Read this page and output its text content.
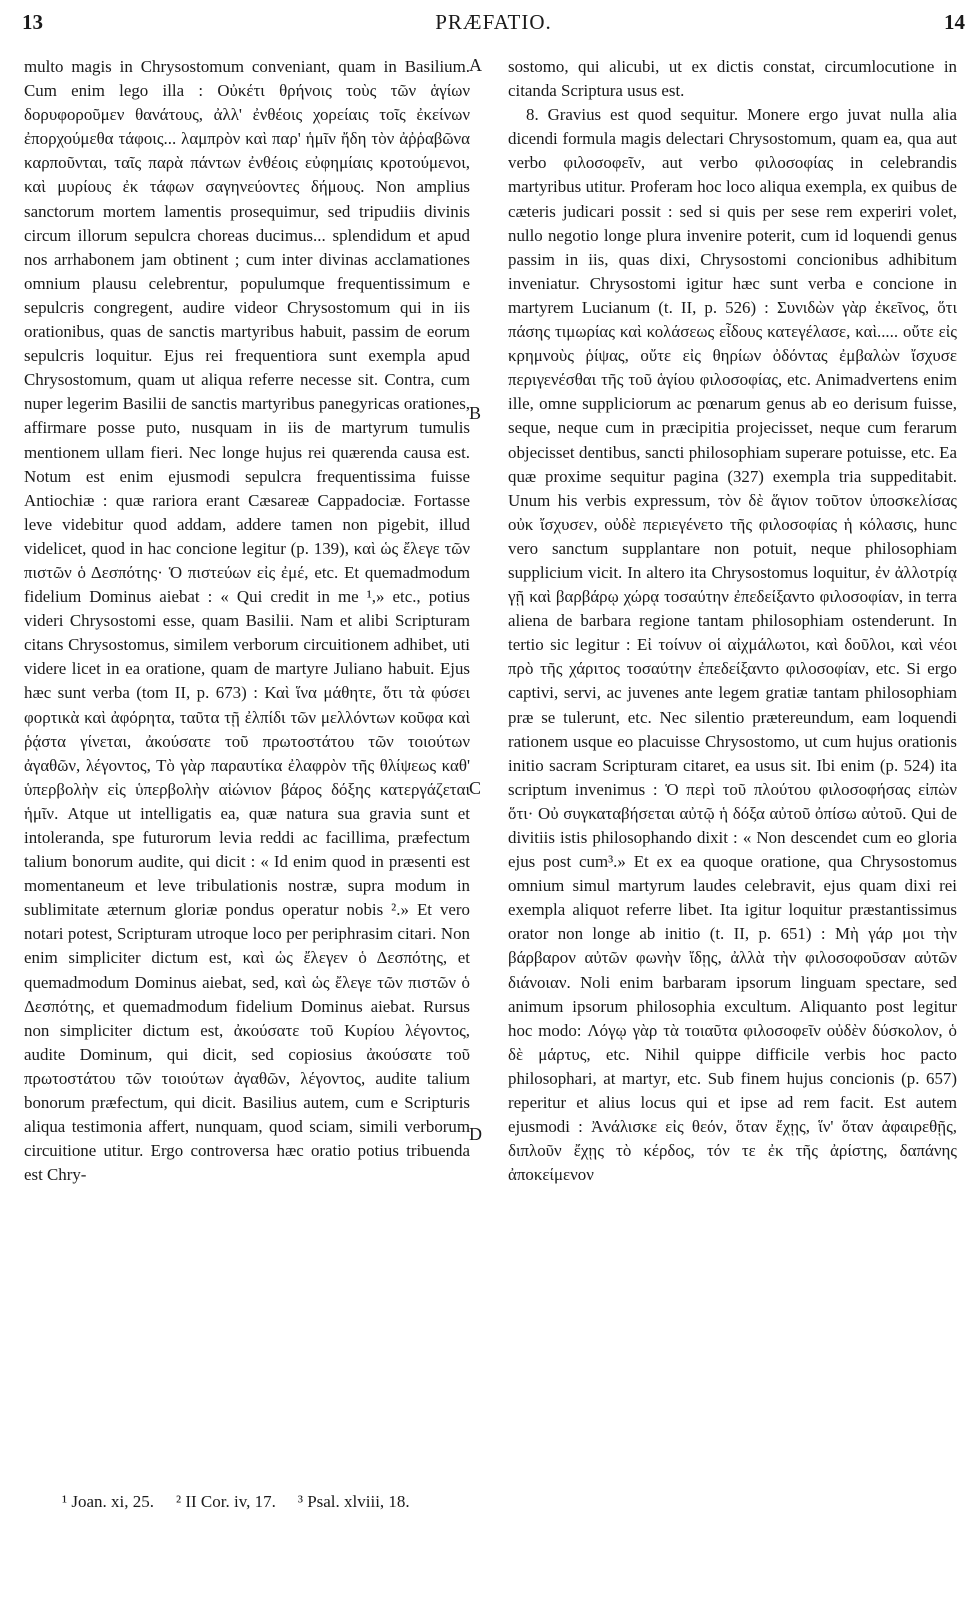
13	PRÆFATIO.	14

multo magis in Chrysostomum conveniant, quam in Basilium. Cum enim lego illa : Οὐκέτι θρήνοις τοὺς τῶν ἁγίων δορυφοροῦμεν θανάτους, ἀλλ' ἐνθέοις χορείαις τοῖς ἐκείνων ἐπορχούμεθα τάφοις... λαμπρὸν καὶ παρ' ἡμῖν ἤδη τὸν ἀῤῥαβῶνα καρποῦνται, ταῖς παρὰ πάντων ἐνθέοις εὐφημίαις κροτούμενοι, καὶ μυρίους ἐκ τάφων σαγηνεύοντες δήμους. Non amplius sanctorum mortem lamentis prosequimur, sed tripudiis divinis circum illorum sepulcra choreas ducimus... splendidum et apud nos arrhabonem jam obtinent ; cum inter divinas acclamationes omnium plausu celebrentur, populumque frequentissimum e sepulcris congregent, audire videor Chrysostomum qui in iis orationibus, quas de sanctis martyribus habuit, passim de eorum sepulcris loquitur. Ejus rei frequentiora sunt exempla apud Chrysostomum, quam ut aliqua referre necesse sit. Contra, cum nuper legerim Basilii de sanctis martyribus panegyricas orationes, affirmare posse puto, nusquam in iis de martyrum tumulis mentionem ullam fieri. Nec longe hujus rei quærenda causa est. Notum est enim ejusmodi sepulcra frequentissima fuisse Antiochiæ : quæ rariora erant Cæsareæ Cappadociæ. Fortasse leve videbitur quod addam, addere tamen non pigebit, illud videlicet, quod in hac concione legitur (p. 139), καὶ ὡς ἔλεγε τῶν πιστῶν ὁ Δεσπότης· Ὁ πιστεύων εἰς ἐμέ, etc. Et quemadmodum fidelium Dominus aiebat : « Qui credit in me ¹,» etc., potius videri Chrysostomi esse, quam Basilii. Nam et alibi Scripturam citans Chrysostomus, similem verborum circuitionem adhibet, uti videre licet in ea oratione, quam de martyre Juliano habuit. Ejus hæc sunt verba (tom II, p. 673) : Καὶ ἵνα μάθητε, ὅτι τὰ φύσει φορτικὰ καὶ ἀφόρητα, ταῦτα τῇ ἐλπίδι τῶν μελλόντων κοῦφα καὶ ῥᾴστα γίνεται, ἀκούσατε τοῦ πρωτοστάτου τῶν τοιούτων ἀγαθῶν, λέγοντος, Τὸ γὰρ παραυτίκα ἐλαφρὸν τῆς θλίψεως καθ' ὑπερβολὴν εἰς ὑπερβολὴν αἰώνιον βάρος δόξης κατεργάζεται ἡμῖν. Atque ut intelligatis ea, quæ natura sua gravia sunt et intoleranda, spe futurorum levia reddi ac facillima, præfectum talium bonorum audite, qui dicit : « Id enim quod in præsenti est momentaneum et leve tribulationis nostræ, supra modum in sublimitate æternum gloriæ pondus operatur nobis ².» Et vero notari potest, Scripturam utroque loco per periphrasim citari. Non enim simpliciter dictum est, καὶ ὡς ἔλεγεν ὁ Δεσπότης, et quemadmodum Dominus aiebat, sed, καὶ ὡς ἔλεγε τῶν πιστῶν ὁ Δεσπότης, et quemadmodum fidelium Dominus aiebat. Rursus non simpliciter dictum est, ἀκούσατε τοῦ Κυρίου λέγοντος, audite Dominum, qui dicit, sed copiosius ἀκούσατε τοῦ πρωτοστάτου τῶν τοιούτων ἀγαθῶν, λέγοντος, audite talium bonorum præfectum, qui dicit. Basilius autem, cum e Scripturis aliqua testimonia affert, nunquam, quod sciam, simili verborum circuitione utitur. Ergo controversa hæc oratio potius tribuenda est Chry-

A
B
C
D

sostomo, qui alicubi, ut ex dictis constat, circumlocutione in citanda Scriptura usus est.

8. Gravius est quod sequitur. Monere ergo juvat nulla alia dicendi formula magis delectari Chrysostomum, quam ea, qua aut verbo φιλοσοφεῖν, aut verbo φιλοσοφίας in celebrandis martyribus utitur. Proferam hoc loco aliqua exempla, ex quibus de cæteris judicari possit : sed si quis per sese rem experiri volet, nullo negotio longe plura invenire poterit, cum id loquendi genus passim in iis, quas dixi, Chrysostomi concionibus adhibitum inveniatur. Chrysostomi igitur hæc sunt verba e concione in martyrem Lucianum (t. II, p. 526) : Συνιδὼν γὰρ ἐκεῖνος, ὅτι πάσης τιμωρίας καὶ κολάσεως εἶδους κατεγέλασε, καὶ..... οὔτε εἰς κρημνοὺς ῥίψας, οὔτε εἰς θηρίων ὀδόντας ἐμβαλὼν ἴσχυσε περιγενέσθαι τῆς τοῦ ἁγίου φιλοσοφίας, etc. Animadvertens enim ille, omne suppliciorum ac pœnarum genus ab eo derisum fuisse, seque, neque cum in præcipitia projecisset, neque cum ferarum objecisset dentibus, sancti philosophiam superare potuisse, etc. Ea quæ proxime sequitur pagina (327) exempla tria suppeditabit. Unum his verbis expressum, τὸν δὲ ἅγιον τοῦτον ὑποσκελίσας οὐκ ἴσχυσεν, οὐδὲ περιεγένετο τῆς φιλοσοφίας ἡ κόλασις, hunc vero sanctum supplantare non potuit, neque philosophiam supplicium vicit. In altero ita Chrysostomus loquitur, ἐν ἀλλοτρίᾳ γῇ καὶ βαρβάρῳ χώρᾳ τοσαύτην ἐπεδείξαντο φιλοσοφίαν, in terra aliena de barbara regione tantam philosophiam ostenderunt. In tertio sic legitur : Εἰ τοίνυν οἱ αἰχμάλωτοι, καὶ δοῦλοι, καὶ νέοι πρὸ τῆς χάριτος τοσαύτην ἐπεδείξαντο φιλοσοφίαν, etc. Si ergo captivi, servi, ac juvenes ante legem gratiæ tantam philosophiam præ se tulerunt, etc. Nec silentio prætereundum, eam loquendi rationem usque eo placuisse Chrysostomo, ut cum hujus orationis initio sacram Scripturam citaret, ea usus sit. Ibi enim (p. 524) ita scriptum invenimus : Ὁ περὶ τοῦ πλούτου φιλοσοφήσας εἰπὼν ὅτι· Οὐ συγκαταβήσεται αὐτῷ ἡ δόξα αὐτοῦ ὀπίσω αὐτοῦ. Qui de divitiis istis philosophando dixit : « Non descendet cum eo gloria ejus post cum³.» Et ex ea quoque oratione, qua Chrysostomus omnium simul martyrum laudes celebravit, ejus quam dixi rei exempla aliquot referre libet. Ita igitur loquitur præstantissimus orator non longe ab initio (t. II, p. 651) : Μὴ γάρ μοι τὴν βάρβαρον αὐτῶν φωνὴν ἴδῃς, ἀλλὰ τὴν φιλοσοφοῦσαν αὐτῶν διάνοιαν. Noli enim barbaram ipsorum linguam spectare, sed animum ipsorum philosophia excultum. Aliquanto post legitur hoc modo: Λόγῳ γὰρ τὰ τοιαῦτα φιλοσοφεῖν οὐδὲν δύσκολον, ὁ δὲ μάρτυς, etc. Nihil quippe difficile verbis hoc pacto philosophari, at martyr, etc. Sub finem hujus concionis (p. 657) reperitur et alius locus qui et ipse ad rem facit. Est autem ejusmodi : Ἀνάλισκε εἰς θεόν, ὅταν ἔχῃς, ἵν' ὅταν ἀφαιρεθῇς, διπλοῦν ἔχῃς τὸ κέρδος, τόν τε ἐκ τῆς ἀρίστης, δαπάνης ἀποκείμενον

¹ Joan. xi, 25. ² II Cor. iv, 17. ³ Psal. xlviii, 18.
